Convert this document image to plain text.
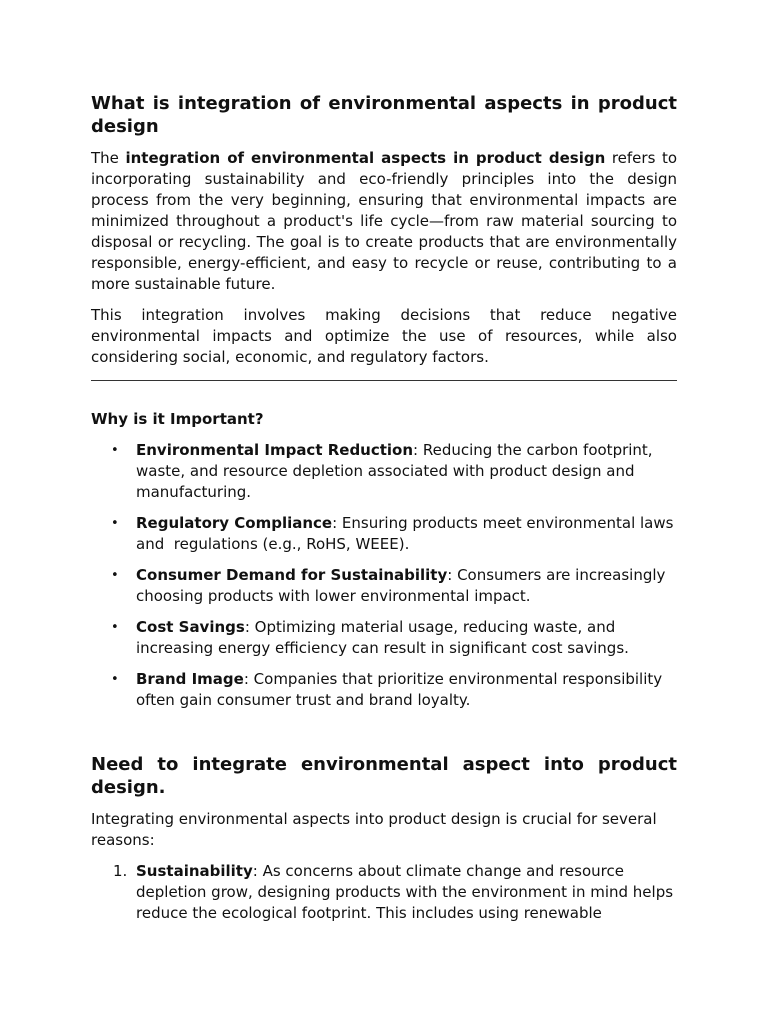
What is integration of environmental aspects in product design

The integration of environmental aspects in product design refers to incorporating sustainability and eco-friendly principles into the design process from the very beginning, ensuring that environmental impacts are minimized throughout a product's life cycle—from raw material sourcing to disposal or recycling. The goal is to create products that are environmentally responsible, energy-efficient, and easy to recycle or reuse, contributing to a more sustainable future.

This integration involves making decisions that reduce negative environmental impacts and optimize the use of resources, while also considering social, economic, and regulatory factors.

Why is it Important?
• Environmental Impact Reduction: Reducing the carbon footprint, waste, and resource depletion associated with product design and manufacturing.
• Regulatory Compliance: Ensuring products meet environmental laws and  regulations (e.g., RoHS, WEEE).
• Consumer Demand for Sustainability: Consumers are increasingly choosing products with lower environmental impact.
• Cost Savings: Optimizing material usage, reducing waste, and increasing energy efficiency can result in significant cost savings.
• Brand Image: Companies that prioritize environmental responsibility often gain consumer trust and brand loyalty.
Need to integrate environmental aspect into product design.

Integrating environmental aspects into product design is crucial for several reasons:

1. Sustainability: As concerns about climate change and resource depletion grow, designing products with the environment in mind helps reduce the ecological footprint. This includes using renewable
